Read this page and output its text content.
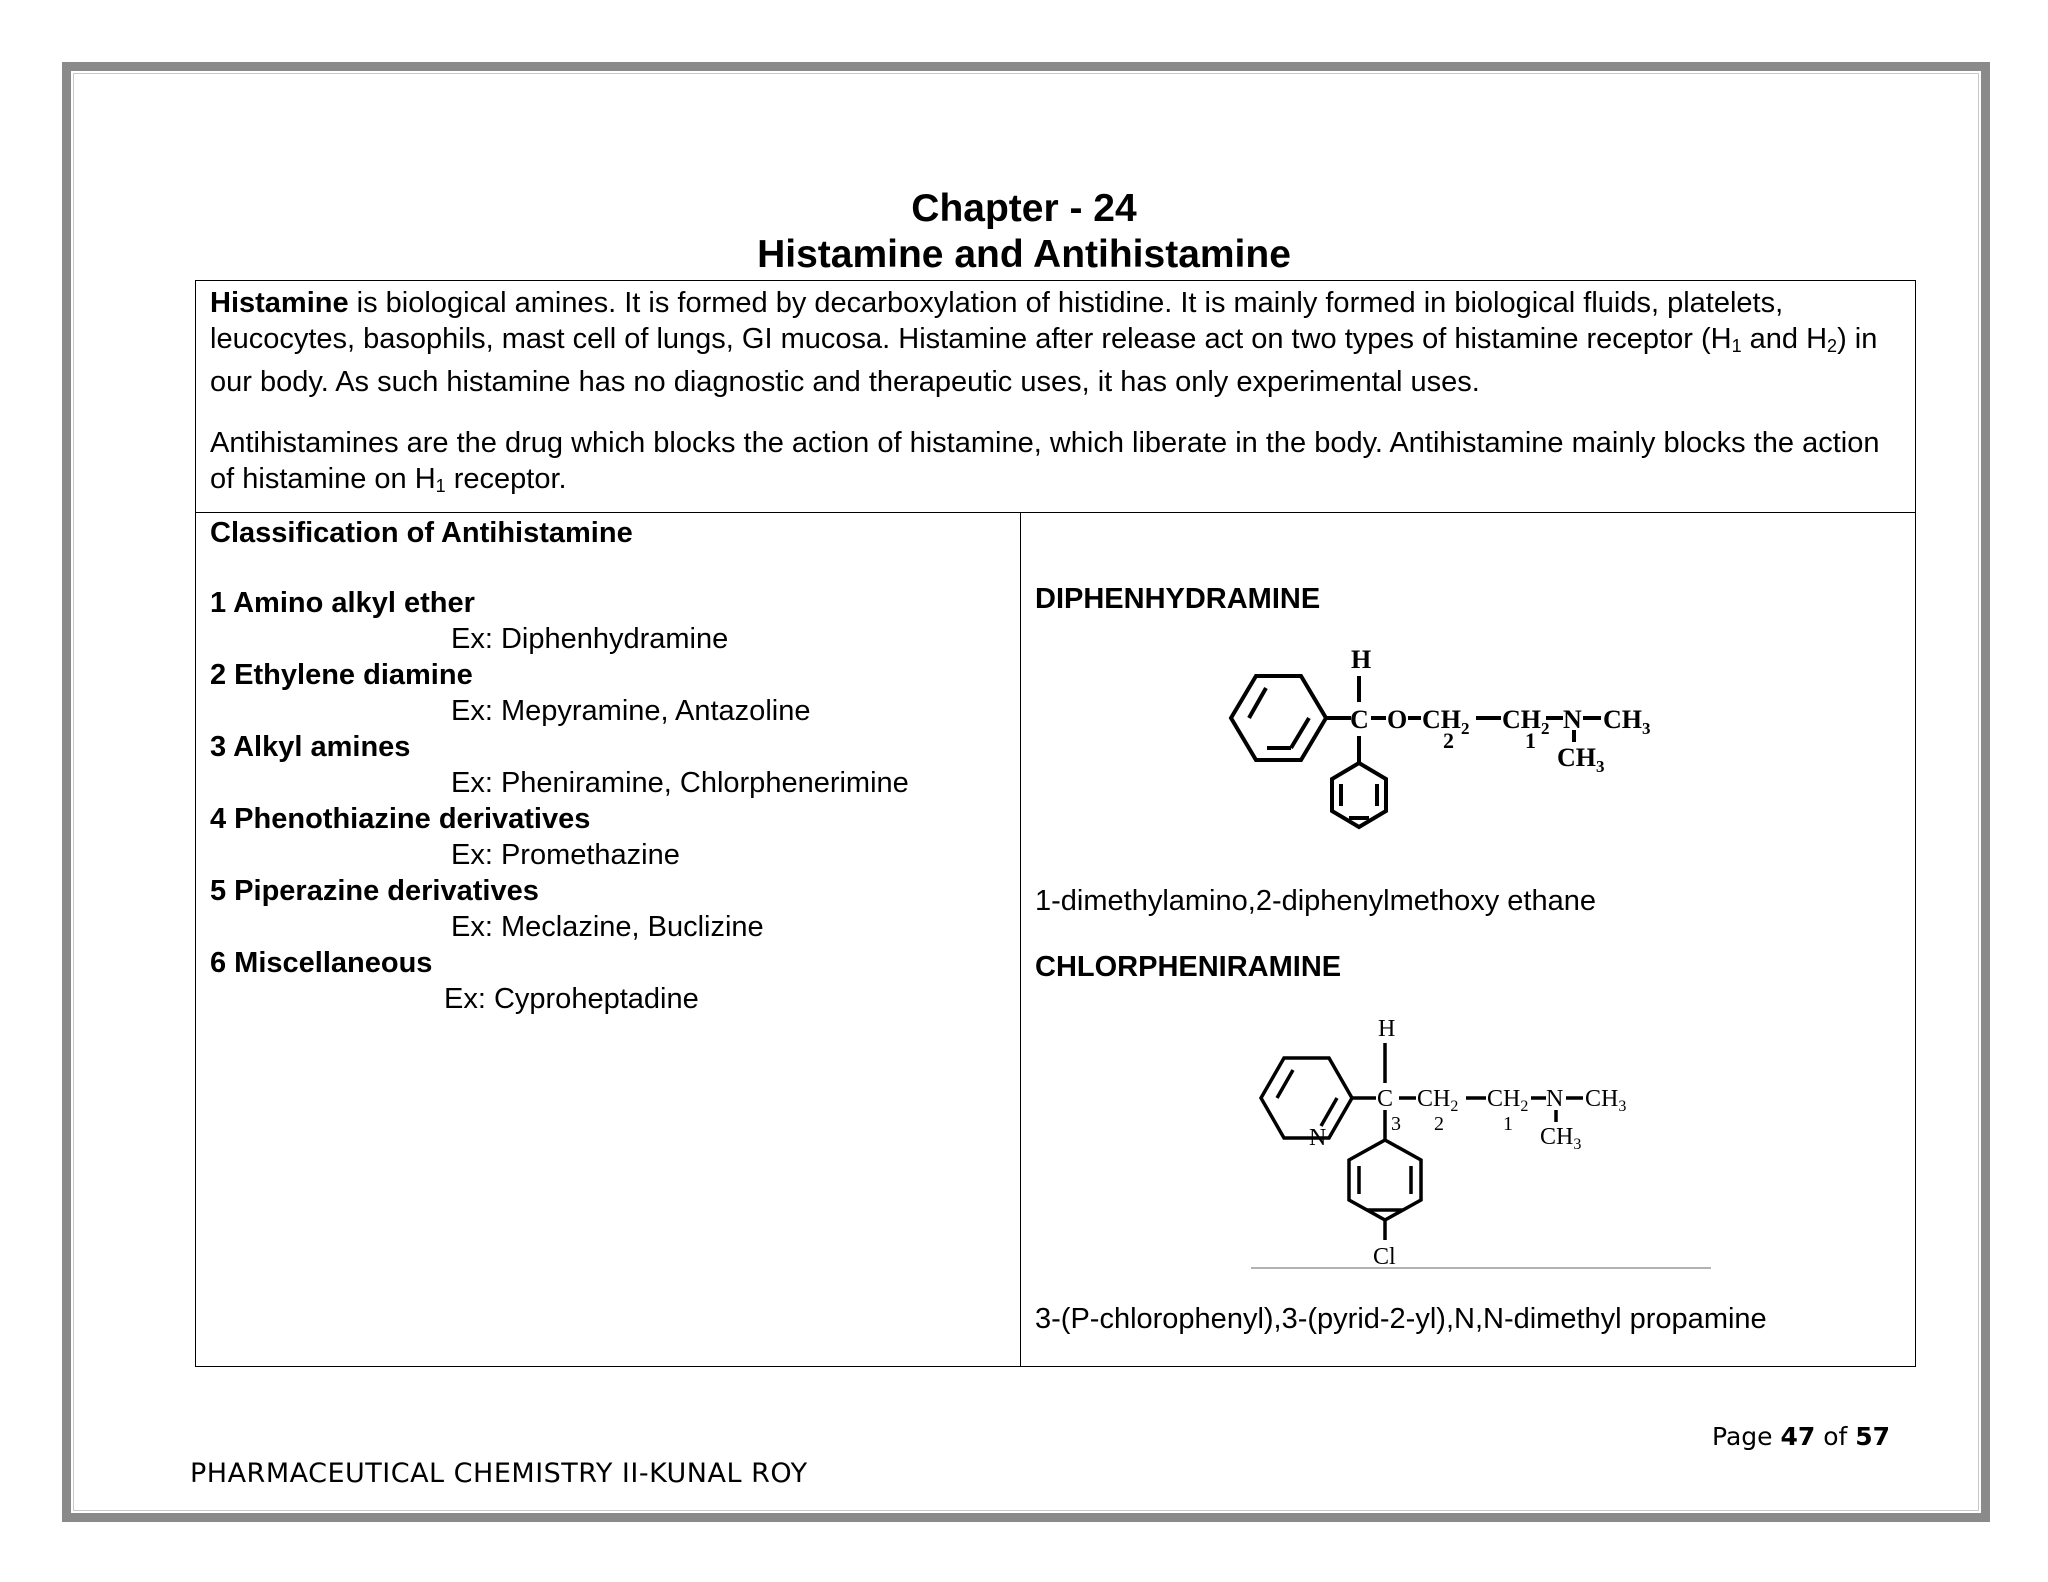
Chapter - 24
Histamine and Antihistamine

Histamine is biological amines. It is formed by decarboxylation of histidine. It is mainly formed in biological fluids, platelets, leucocytes, basophils, mast cell of lungs, GI mucosa. Histamine after release act on two types of histamine receptor ($H_1$ and $H_2$) in our body. As such histamine has no diagnostic and therapeutic uses, it has only experimental uses.

Antihistamines are the drug which blocks the action of histamine, which liberate in the body. Antihistamine mainly blocks the action of histamine on $H_1$ receptor.

Classification of Antihistamine
1 Amino alkyl ether
Ex: Diphenhydramine
2 Ethylene diamine
Ex: Mepyramine, Antazoline
3 Alkyl amines
Ex: Pheniramine, Chlorphenerimine
4 Phenothiazine derivatives
Ex: Promethazine
5 Piperazine derivatives
Ex: Meclazine, Buclizine
6 Miscellaneous
Ex: Cyproheptadine
DIPHENHYDRAMINE
H
C O $CH_2$ $CH_2$ N $CH_3$
$CH_3$
2	1
1-dimethylamino,2-diphenylmethoxy ethane
CHLORPHENIRAMINE
H
C
N
$CH_2$ $CH_2$ N $CH_3$
$CH_3$
3 2	1
Cl
3-(P-chlorophenyl),3-(pyrid-2-yl),N,N-dimethyl propamine
Page 47 of 57
PHARMACEUTICAL CHEMISTRY II-KUNAL ROY
